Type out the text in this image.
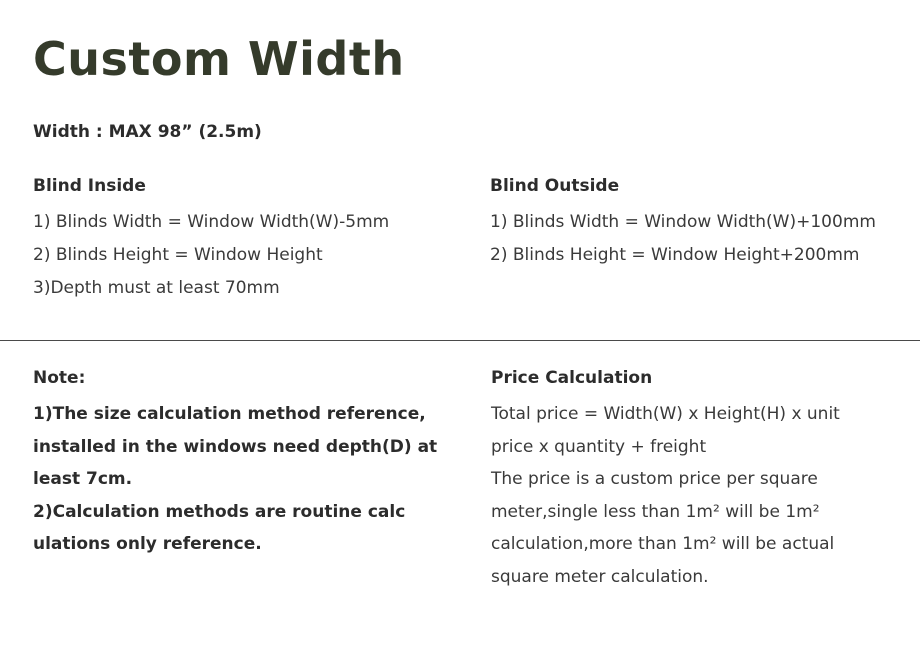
Custom Width
Width : MAX 98” (2.5m)
Blind Inside
1) Blinds Width = Window Width(W)-5mm
2) Blinds Height = Window Height
3)Depth must at least 70mm
Blind Outside
1) Blinds Width = Window Width(W)+100mm
2) Blinds Height = Window Height+200mm
Note:
1)The size calculation method reference,
installed in the windows need depth(D) at
least 7cm.
2)Calculation methods are routine calc
ulations only reference.
Price Calculation
Total price = Width(W) x Height(H) x unit
price x quantity + freight
The price is a custom price per square
meter,single less than 1m² will be 1m²
calculation,more than 1m² will be actual
square meter calculation.
